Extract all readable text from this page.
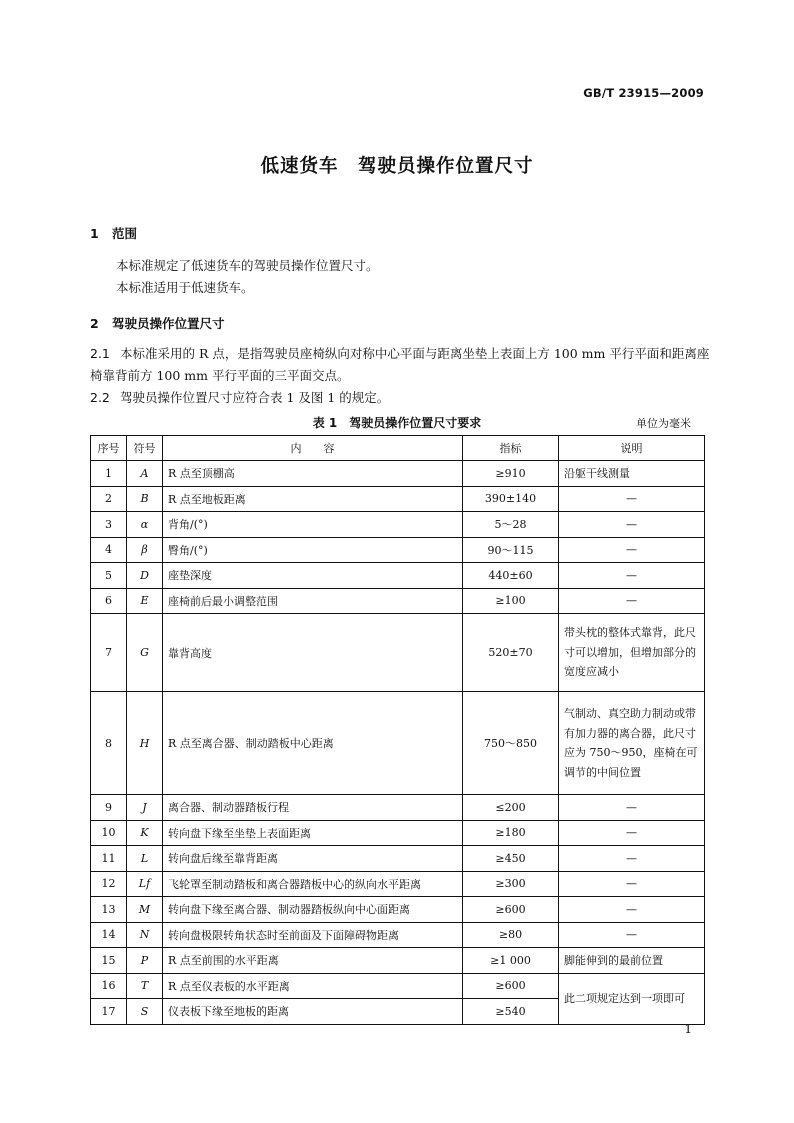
GB/T 23915—2009
低速货车　驾驶员操作位置尺寸
1 范围
本标准规定了低速货车的驾驶员操作位置尺寸。
本标准适用于低速货车。
2 驾驶员操作位置尺寸
2.1 本标准采用的 R 点，是指驾驶员座椅纵向对称中心平面与距离坐垫上表面上方 100 mm 平行平面和距离座椅靠背前方 100 mm 平行平面的三平面交点。
2.2 驾驶员操作位置尺寸应符合表 1 及图 1 的规定。
表 1　驾驶员操作位置尺寸要求	单位为毫米
序号	符号	内　　容	指标	说明
1	A	R 点至顶棚高	≥910	沿躯干线测量
2	B	R 点至地板距离	390±140	—
3	α	背角/(°)	5～28	—
4	β	臀角/(°)	90～115	—
5	D	座垫深度	440±60	—
6	E	座椅前后最小调整范围	≥100	—
7	G	靠背高度	520±70	带头枕的整体式靠背，此尺寸可以增加，但增加部分的宽度应减小
8	H	R 点至离合器、制动踏板中心距离	750～850	气制动、真空助力制动或带有加力器的离合器，此尺寸应为 750～950，座椅在可调节的中间位置
9	J	离合器、制动器踏板行程	≤200	—
10	K	转向盘下缘至坐垫上表面距离	≥180	—
11	L	转向盘后缘至靠背距离	≥450	—
12	Lf	飞轮罩至制动踏板和离合器踏板中心的纵向水平距离	≥300	—
13	M	转向盘下缘至离合器、制动器踏板纵向中心面距离	≥600	—
14	N	转向盘极限转角状态时至前面及下面障碍物距离	≥80	—
15	P	R 点至前围的水平距离	≥1 000	脚能伸到的最前位置
16	T	R 点至仪表板的水平距离	≥600	此二项规定达到一项即可
17	S	仪表板下缘至地板的距离	≥540	
1
